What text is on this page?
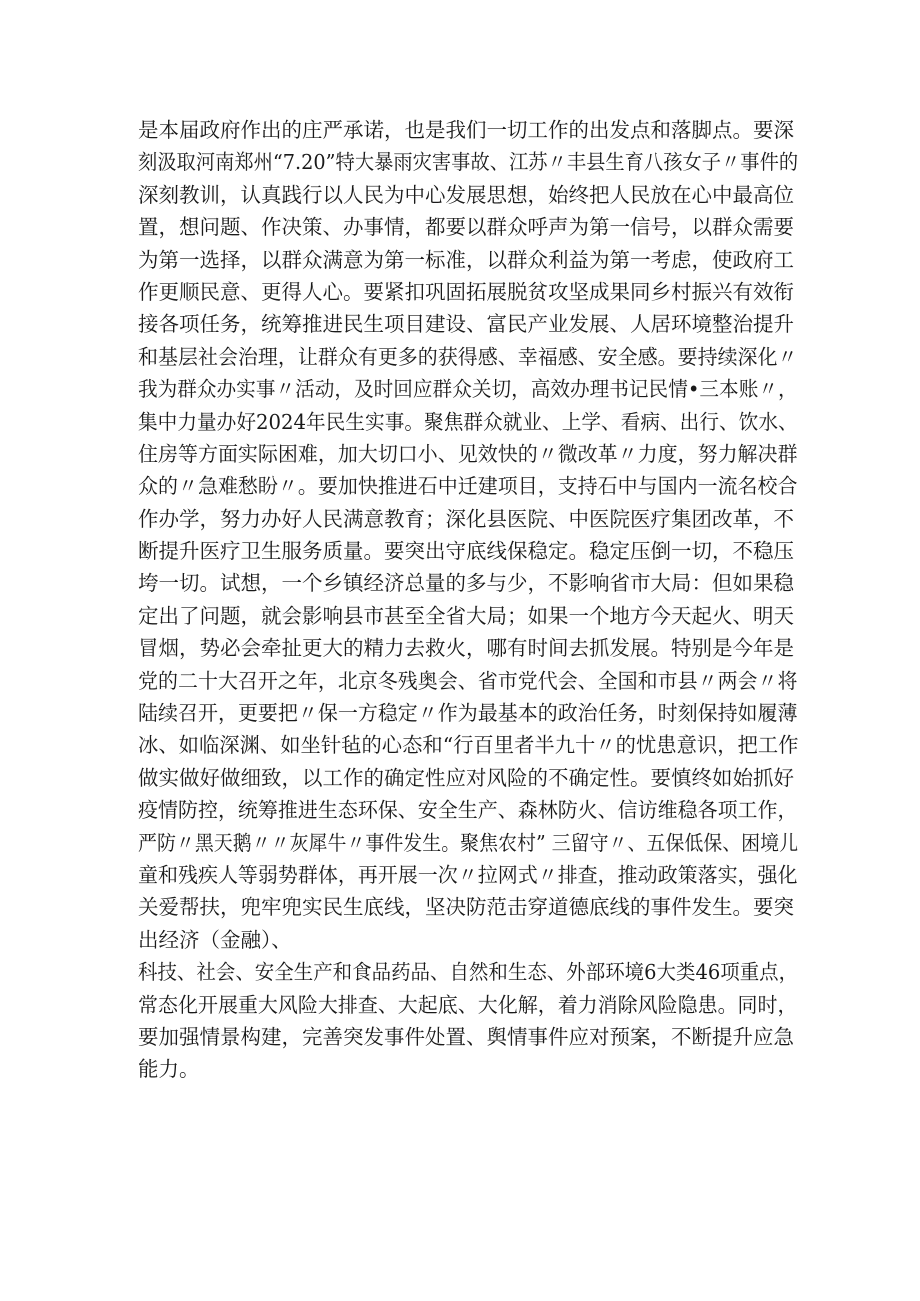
是本届政府作出的庄严承诺，也是我们一切工作的出发点和落脚点。要深
刻汲取河南郑州“7.20”特大暴雨灾害事故、江苏〃丰县生育八孩女子〃事件的
深刻教训，认真践行以人民为中心发展思想，始终把人民放在心中最高位
置，想问题、作决策、办事情，都要以群众呼声为第一信号，以群众需要
为第一选择，以群众满意为第一标准，以群众利益为第一考虑，使政府工
作更顺民意、更得人心。要紧扣巩固拓展脱贫攻坚成果同乡村振兴有效衔
接各项任务，统筹推进民生项目建设、富民产业发展、人居环境整治提升
和基层社会治理，让群众有更多的获得感、幸福感、安全感。要持续深化〃
我为群众办实事〃活动，及时回应群众关切，高效办理书记民情•三本账〃，
集中力量办好2024年民生实事。聚焦群众就业、上学、看病、出行、饮水、
住房等方面实际困难，加大切口小、见效快的〃微改革〃力度，努力解决群
众的〃急难愁盼〃。要加快推进石中迁建项目，支持石中与国内一流名校合
作办学，努力办好人民满意教育；深化县医院、中医院医疗集团改革，不
断提升医疗卫生服务质量。要突出守底线保稳定。稳定压倒一切，不稳压
垮一切。试想，一个乡镇经济总量的多与少，不影响省市大局：但如果稳
定出了问题，就会影响县市甚至全省大局；如果一个地方今天起火、明天
冒烟，势必会牵扯更大的精力去救火，哪有时间去抓发展。特别是今年是
党的二十大召开之年，北京冬残奥会、省市党代会、全国和市县〃两会〃将
陆续召开，更要把〃保一方稳定〃作为最基本的政治任务，时刻保持如履薄
冰、如临深渊、如坐针毡的心态和“行百里者半九十〃的忧患意识，把工作
做实做好做细致，以工作的确定性应对风险的不确定性。要慎终如始抓好
疫情防控，统筹推进生态环保、安全生产、森林防火、信访维稳各项工作，
严防〃黑天鹅〃〃灰犀牛〃事件发生。聚焦农村” 三留守〃、五保低保、困境儿
童和残疾人等弱势群体，再开展一次〃拉网式〃排查，推动政策落实，强化
关爱帮扶，兜牢兜实民生底线，坚决防范击穿道德底线的事件发生。要突
出经济（金融）、
科技、社会、安全生产和食品药品、自然和生态、外部环境6大类46项重点，
常态化开展重大风险大排查、大起底、大化解，着力消除风险隐患。同时，
要加强情景构建，完善突发事件处置、舆情事件应对预案，不断提升应急
能力。
